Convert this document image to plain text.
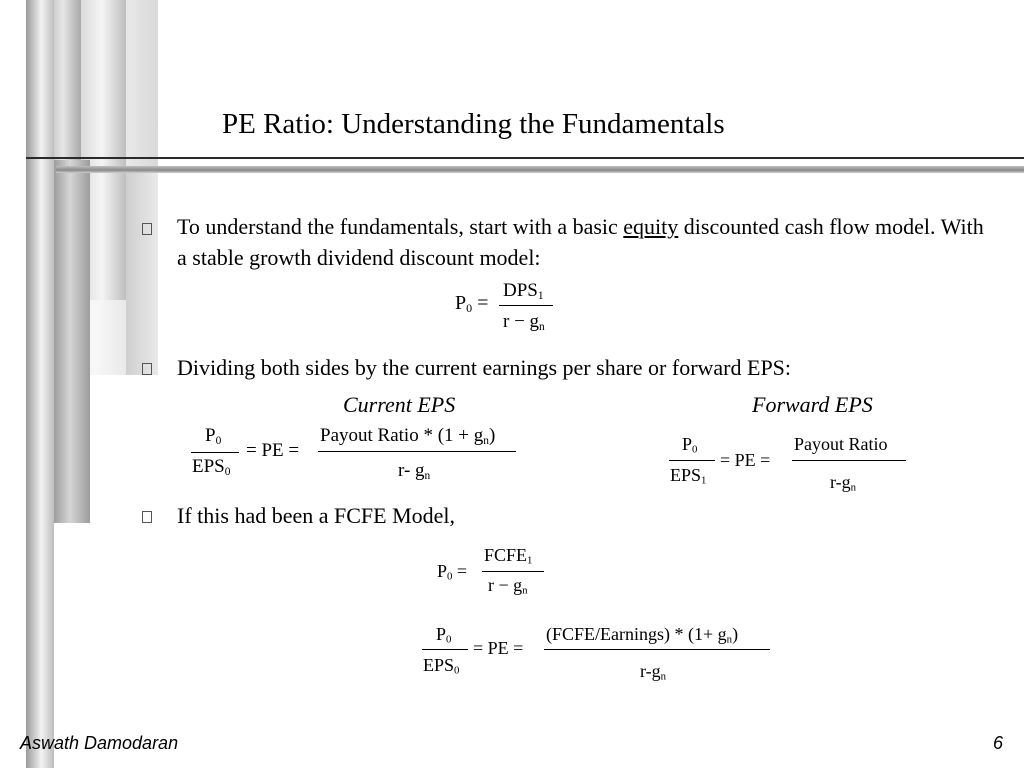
PE Ratio: Understanding the Fundamentals
To understand the fundamentals, start with a basic equity discounted cash flow model. With a stable growth dividend discount model:
$P_0$ =
$DPS_1$
$r - g_n$
Dividing both sides by the current earnings per share or forward EPS:
Current EPS	Forward EPS
$P_0$
$EPS_0$
= PE =
Payout Ratio * $(1 + g_n)$
r- $g_n$
$P_0$
$EPS_1$
= PE =
Payout Ratio
$r-g_n$
If this had been a FCFE Model,
$P_0$ =
$FCFE_1$
$r - g_n$
$P_0$
$EPS_0$
= PE =
(FCFE/Earnings) * $(1+ g_n)$
$r-g_n$
Aswath Damodaran	6
